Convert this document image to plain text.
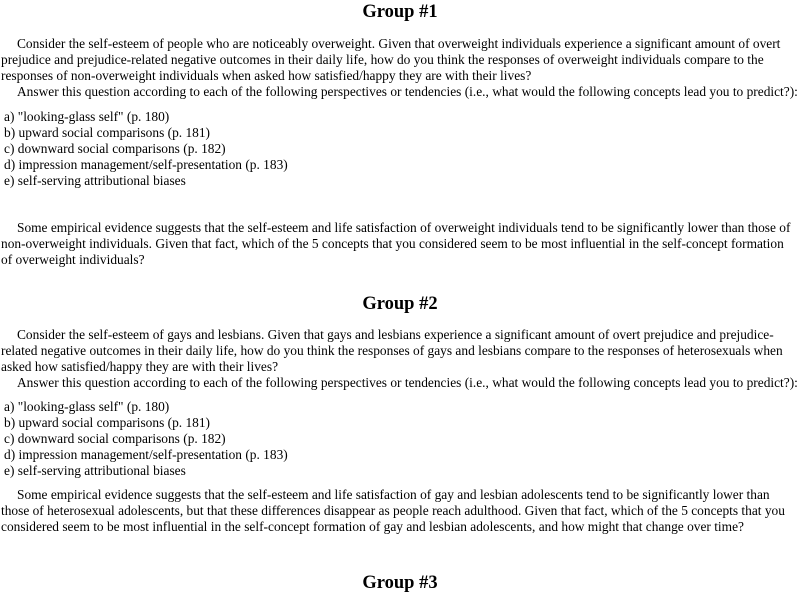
Group #1

Consider the self-esteem of people who are noticeably overweight. Given that overweight individuals experience a significant amount of overt prejudice and prejudice-related negative outcomes in their daily life, how do you think the responses of overweight individuals compare to the responses of non-overweight individuals when asked how satisfied/happy they are with their lives?

Answer this question according to each of the following perspectives or tendencies (i.e., what would the following concepts lead you to predict?):

a) "looking-glass self" (p. 180)
b) upward social comparisons (p. 181)
c) downward social comparisons (p. 182)
d) impression management/self-presentation (p. 183)
e) self-serving attributional biases

Some empirical evidence suggests that the self-esteem and life satisfaction of overweight individuals tend to be significantly lower than those of non-overweight individuals. Given that fact, which of the 5 concepts that you considered seem to be most influential in the self-concept formation of overweight individuals?

Group #2

Consider the self-esteem of gays and lesbians. Given that gays and lesbians experience a significant amount of overt prejudice and prejudice-related negative outcomes in their daily life, how do you think the responses of gays and lesbians compare to the responses of heterosexuals when asked how satisfied/happy they are with their lives?

Answer this question according to each of the following perspectives or tendencies (i.e., what would the following concepts lead you to predict?):

a) "looking-glass self" (p. 180)
b) upward social comparisons (p. 181)
c) downward social comparisons (p. 182)
d) impression management/self-presentation (p. 183)
e) self-serving attributional biases

Some empirical evidence suggests that the self-esteem and life satisfaction of gay and lesbian adolescents tend to be significantly lower than those of heterosexual adolescents, but that these differences disappear as people reach adulthood. Given that fact, which of the 5 concepts that you considered seem to be most influential in the self-concept formation of gay and lesbian adolescents, and how might that change over time?

Group #3
